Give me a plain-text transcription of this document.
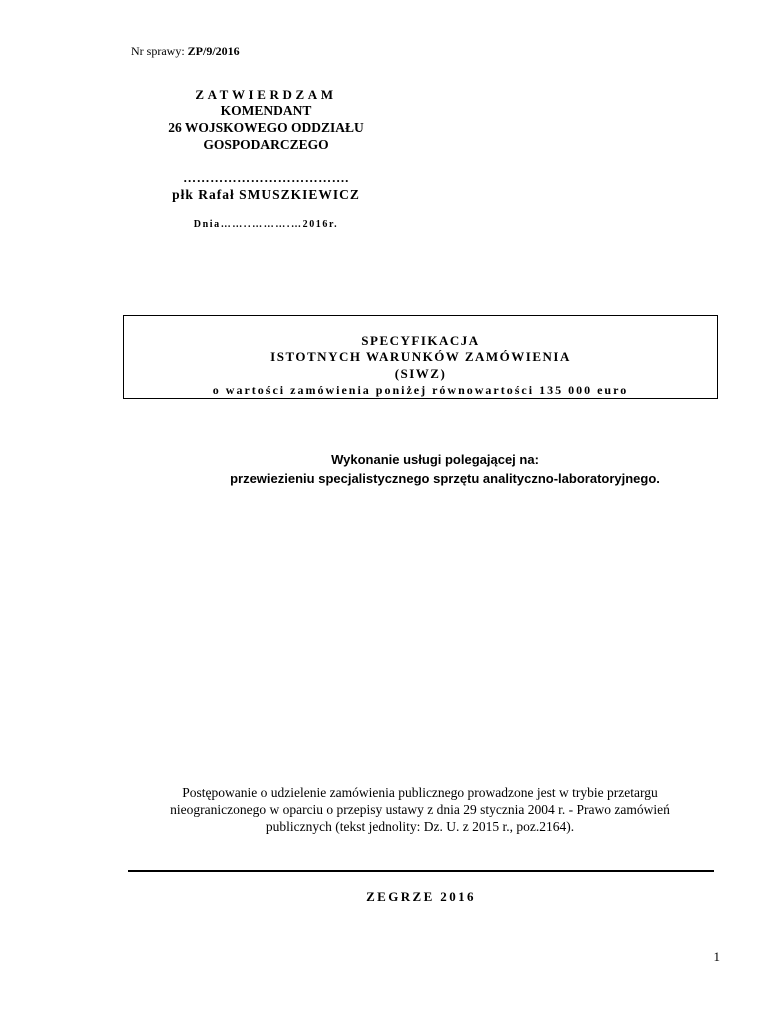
Nr sprawy: ZP/9/2016
ZATWIERDZAM
KOMENDANT
26 WOJSKOWEGO ODDZIAŁU
GOSPODARCZEGO
……………………………….
płk Rafał SMUSZKIEWICZ
Dnia……..……….…2016r.
SPECYFIKACJA
ISTOTNYCH WARUNKÓW ZAMÓWIENIA
(SIWZ)
o wartości zamówienia poniżej równowartości 135 000 euro
Wykonanie usługi polegającej na:
przewiezieniu specjalistycznego sprzętu analityczno-laboratoryjnego.
Postępowanie o udzielenie zamówienia publicznego prowadzone jest w trybie przetargu
nieograniczonego w oparciu o przepisy ustawy z dnia 29 stycznia 2004 r. - Prawo zamówień
publicznych (tekst jednolity: Dz. U. z 2015 r., poz.2164).
ZEGRZE 2016
1
